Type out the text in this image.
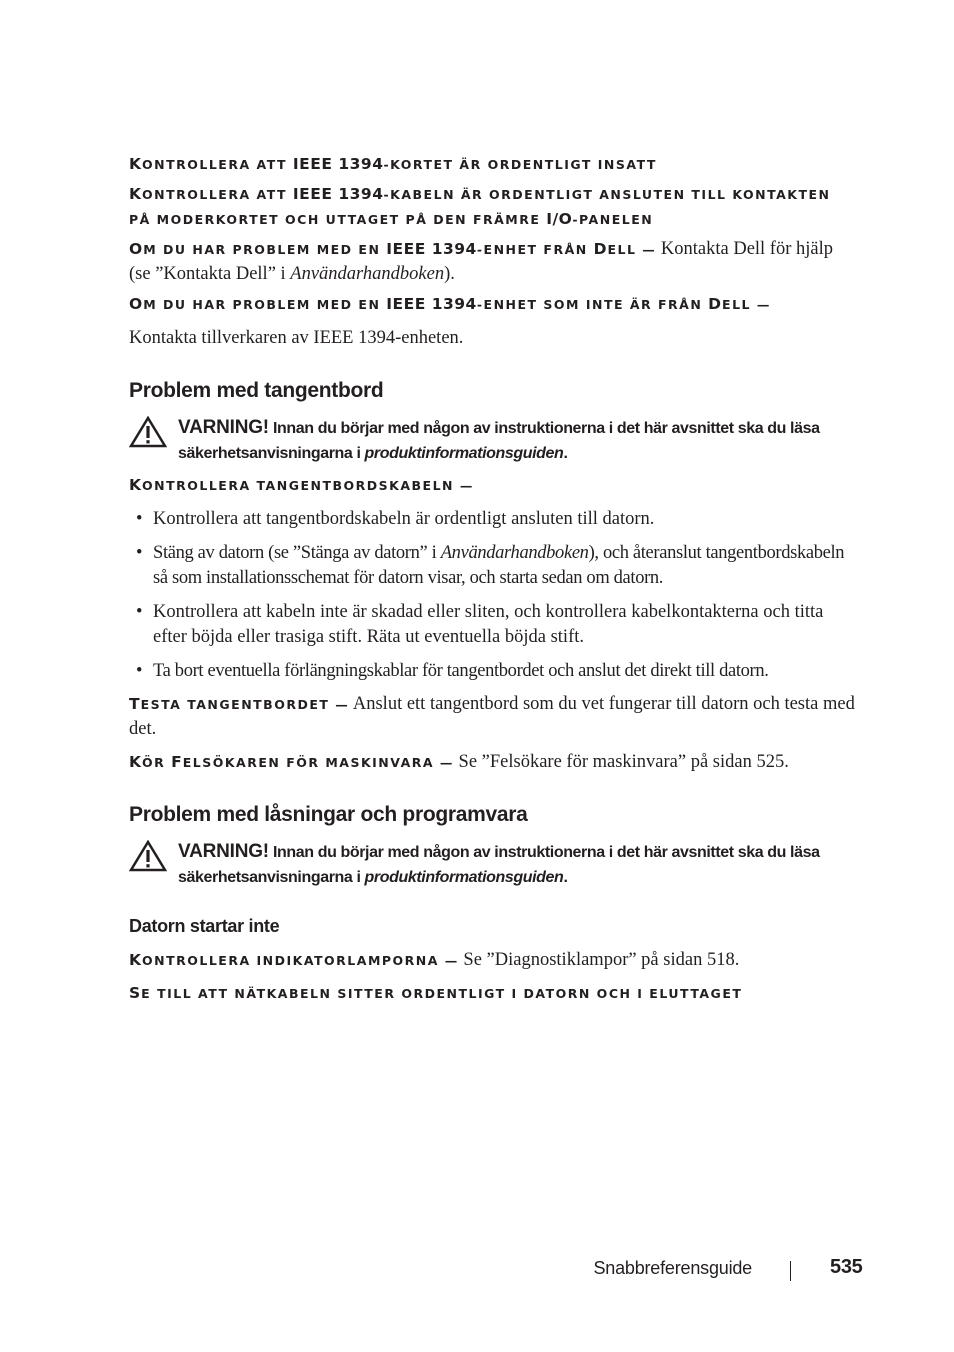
KONTROLLERA ATT IEEE 1394-KORTET ÄR ORDENTLIGT INSATT

KONTROLLERA ATT IEEE 1394-KABELN ÄR ORDENTLIGT ANSLUTEN TILL KONTAKTEN
PÅ MODERKORTET OCH UTTAGET PÅ DEN FRÄMRE I/O-PANELEN

OM DU HAR PROBLEM MED EN IEEE 1394-ENHET FRÅN DELL — Kontakta Dell för hjälp (se ”Kontakta Dell” i Användarhandboken).

OM DU HAR PROBLEM MED EN IEEE 1394-ENHET SOM INTE ÄR FRÅN DELL —

Kontakta tillverkaren av IEEE 1394-enheten.

Problem med tangentbord

VARNING! Innan du börjar med någon av instruktionerna i det här avsnittet ska du läsa säkerhetsanvisningarna i produktinformationsguiden.

KONTROLLERA TANGENTBORDSKABELN —

• Kontrollera att tangentbordskabeln är ordentligt ansluten till datorn.
• Stäng av datorn (se ”Stänga av datorn” i Användarhandboken), och återanslut tangentbordskabeln så som installationsschemat för datorn visar, och starta sedan om datorn.
• Kontrollera att kabeln inte är skadad eller sliten, och kontrollera kabelkontakterna och titta efter böjda eller trasiga stift. Räta ut eventuella böjda stift.
• Ta bort eventuella förlängningskablar för tangentbordet och anslut det direkt till datorn.

TESTA TANGENTBORDET — Anslut ett tangentbord som du vet fungerar till datorn och testa med det.

KÖR FELSÖKAREN FÖR MASKINVARA — Se ”Felsökare för maskinvara” på sidan 525.

Problem med låsningar och programvara

VARNING! Innan du börjar med någon av instruktionerna i det här avsnittet ska du läsa säkerhetsanvisningarna i produktinformationsguiden.

Datorn startar inte

KONTROLLERA INDIKATORLAMPORNA — Se ”Diagnostiklampor” på sidan 518.

SE TILL ATT NÄTKABELN SITTER ORDENTLIGT I DATORN OCH I ELUTTAGET

Snabbreferensguide	535
